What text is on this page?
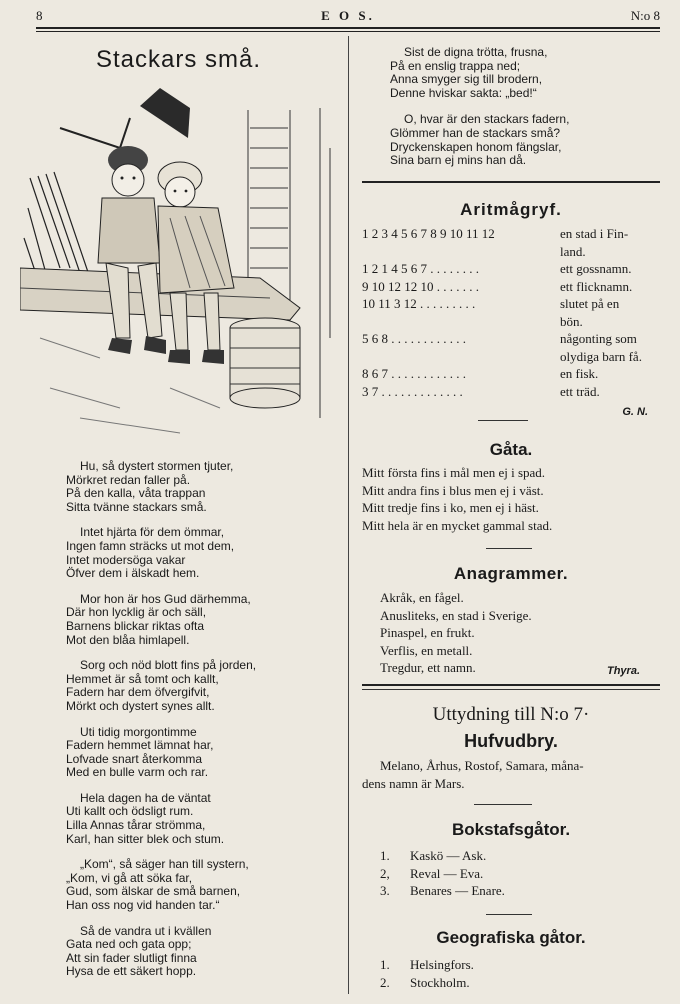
8	E O S.	N:o 8
Stackars små.

Hu, så dystert stormen tjuter,

Mörkret redan faller på.

På den kalla, våta trappan

Sitta tvänne stackars små.

Intet hjärta för dem ömmar,

Ingen famn sträcks ut mot dem,

Intet modersöga vakar

Öfver dem i älskadt hem.

Mor hon är hos Gud därhemma,

Där hon lycklig är och säll,

Barnens blickar riktas ofta

Mot den blåa himlapell.

Sorg och nöd blott fins på jorden,

Hemmet är så tomt och kallt,

Fadern har dem öfvergifvit,

Mörkt och dystert synes allt.

Uti tidig morgontimme

Fadern hemmet lämnat har,

Lofvade snart återkomma

Med en bulle varm och rar.

Hela dagen ha de väntat

Uti kallt och ödsligt rum.

Lilla Annas tårar strömma,

Karl, han sitter blek och stum.

„Kom“, så säger han till systern,

„Kom, vi gå att söka far,

Gud, som älskar de små barnen,

Han oss nog vid handen tar.“

Så de vandra ut i kvällen

Gata ned och gata opp;

Att sin fader slutligt finna

Hysa de ett säkert hopp.

Sist de digna trötta, frusna,

På en enslig trappa ned;

Anna smyger sig till brodern,

Denne hviskar sakta: „bed!“

O, hvar är den stackars fadern,

Glömmer han de stackars små?

Dryckenskapen honom fängslar,

Sina barn ej mins han då.

Aritmågryf.
1 2 3 4 5 6 7 8 9 10 11 12	en stad i Fin-
land.
1 2 1 4 5 6 7 . . . . . . . .	ett gossnamn.
9 10 12 12 10 . . . . . . .	ett flicknamn.
10 11 3 12 . . . . . . . . .	slutet på en
bön.
5 6 8 . . . . . . . . . . . .	någonting som
olydiga barn få.
8 6 7 . . . . . . . . . . . .	en fisk.
3 7 . . . . . . . . . . . . .	ett träd.
G. N.
Gåta.

Mitt första fins i mål men ej i spad.

Mitt andra fins i blus men ej i väst.

Mitt tredje fins i ko, men ej i häst.

Mitt hela är en mycket gammal stad.

Anagrammer.

Akråk, en fågel.

Anusliteks, en stad i Sverige.

Pinaspel, en frukt.

Verflis, en metall.

Tregdur, ett namn.	Thyra.
Uttydning till N:o 7·
Hufvudbry.
Melano, Århus, Rostof, Samara, måna-
dens namn är Mars.
Bokstafsgåtor.

1. Kaskö — Ask.

2, Reval — Eva.

3. Benares — Enare.

Geografiska gåtor.

1. Helsingfors.

2. Stockholm.
